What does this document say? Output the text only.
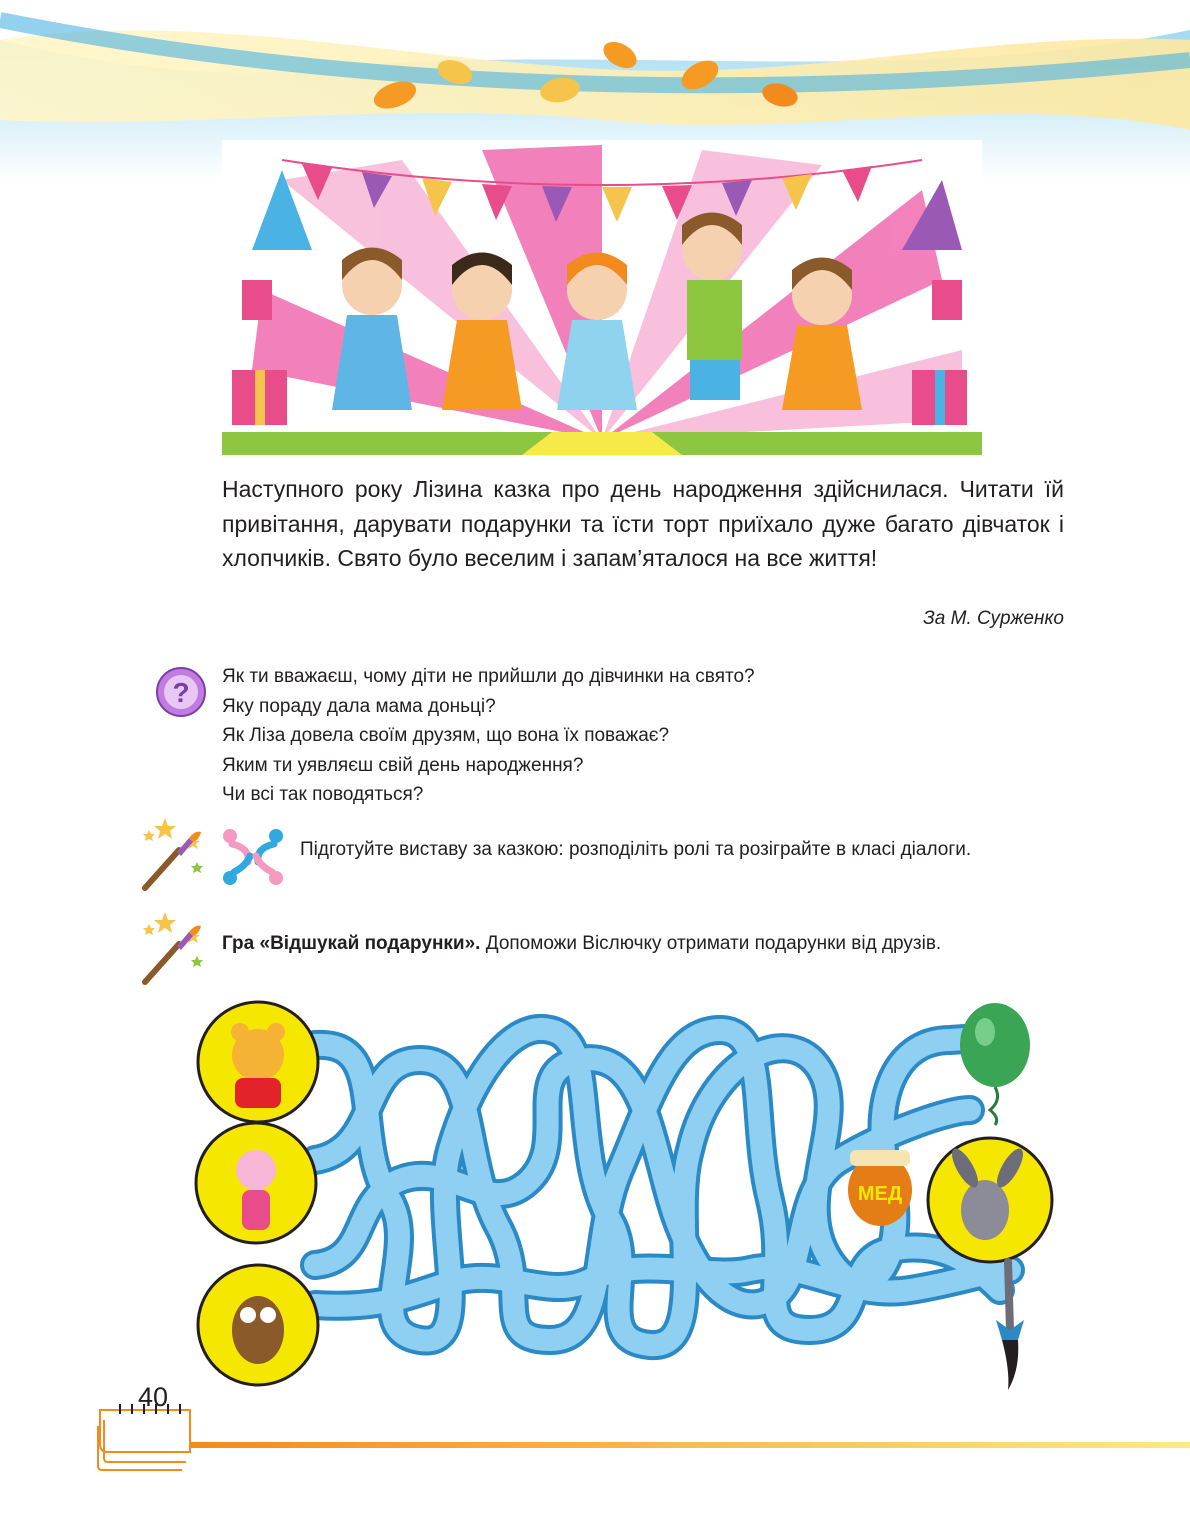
Наступного року Лізина казка про день народження здійснилася. Читати їй привітання, дарувати подарунки та їсти торт приїхало дуже багато дівчаток і хлопчиків. Свято було веселим і запам’яталося на все життя!

За М. Сурженко
?
Як ти вважаєш, чому діти не прийшли до дівчинки на свято?
Яку пораду дала мама доньці?
Як Ліза довела своїм друзям, що вона їх поважає?
Яким ти уявляєш свій день народження?
Чи всі так поводяться?
Підготуйте виставу за казкою: розподіліть ролі та розіграйте в класі діалоги.
Гра «Відшукай подарунки». Допоможи Віслючку отримати подарунки від друзів.
МЕД
40
